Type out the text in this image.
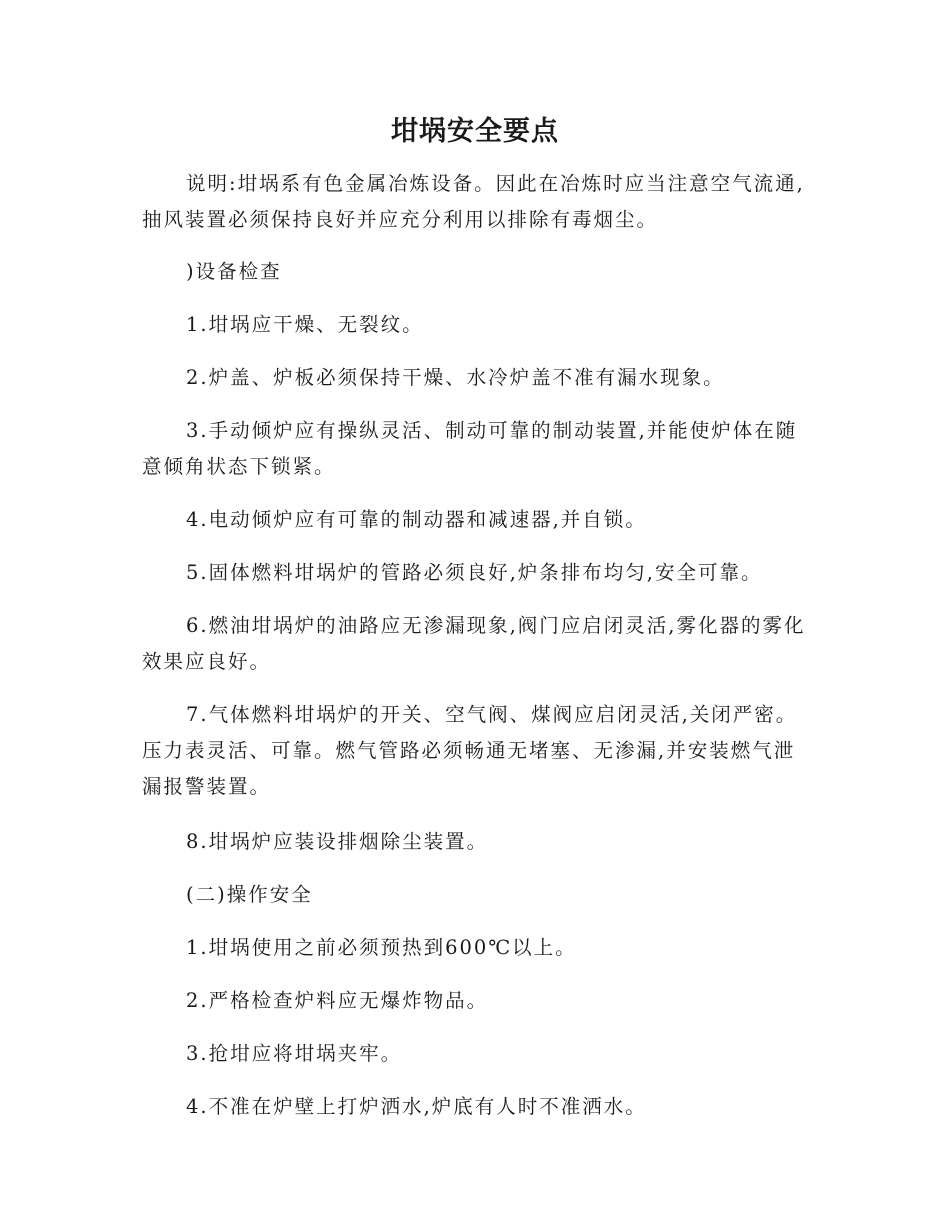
坩埚安全要点

说明:坩埚系有色金属冶炼设备。因此在冶炼时应当注意空气流通,抽风装置必须保持良好并应充分利用以排除有毒烟尘。

)设备检查

1.坩埚应干燥、无裂纹。

2.炉盖、炉板必须保持干燥、水冷炉盖不准有漏水现象。

3.手动倾炉应有操纵灵活、制动可靠的制动装置,并能使炉体在随意倾角状态下锁紧。

4.电动倾炉应有可靠的制动器和减速器,并自锁。

5.固体燃料坩埚炉的管路必须良好,炉条排布均匀,安全可靠。

6.燃油坩埚炉的油路应无渗漏现象,阀门应启闭灵活,雾化器的雾化效果应良好。

7.气体燃料坩埚炉的开关、空气阀、煤阀应启闭灵活,关闭严密。压力表灵活、可靠。燃气管路必须畅通无堵塞、无渗漏,并安装燃气泄漏报警装置。

8.坩埚炉应装设排烟除尘装置。

(二)操作安全

1.坩埚使用之前必须预热到600℃以上。

2.严格检查炉料应无爆炸物品。

3.抢坩应将坩埚夹牢。

4.不准在炉壁上打炉洒水,炉底有人时不准洒水。
